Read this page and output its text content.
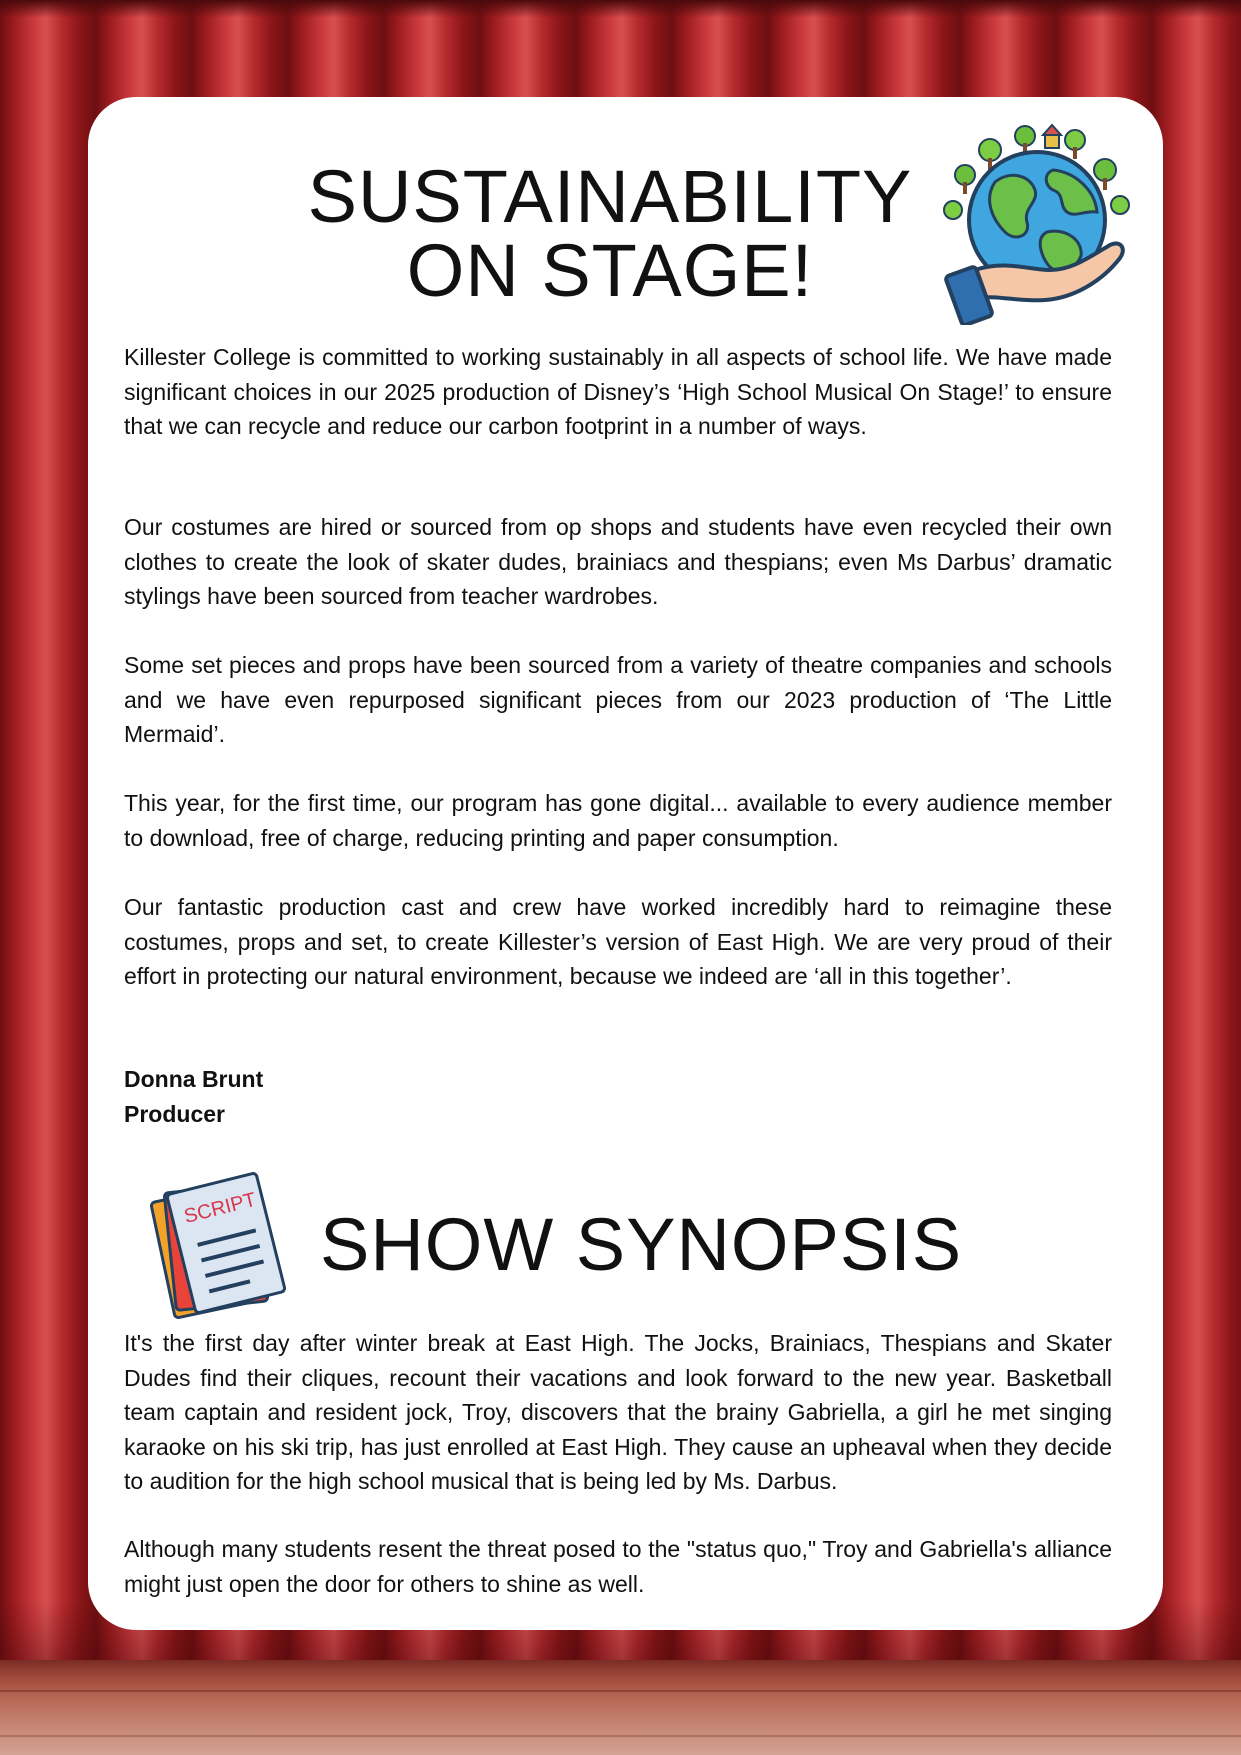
SUSTAINABILITY
ON STAGE!

Killester College is committed to working sustainably in all aspects of school life. We have made significant choices in our 2025 production of Disney’s ‘High School Musical On Stage!’ to ensure that we can recycle and reduce our carbon footprint in a number of ways.

Our costumes are hired or sourced from op shops and students have even recycled their own clothes to create the look of skater dudes, brainiacs and thespians; even Ms Darbus’ dramatic stylings have been sourced from teacher wardrobes.

Some set pieces and props have been sourced from a variety of theatre companies and schools and we have even repurposed significant pieces from our 2023 production of ‘The Little Mermaid’.

This year, for the first time, our program has gone digital... available to every audience member to download, free of charge, reducing printing and paper consumption.

Our fantastic production cast and crew have worked incredibly hard to reimagine these costumes, props and set, to create Killester’s version of East High. We are very proud of their effort in protecting our natural environment, because we indeed are ‘all in this together’.

Donna Brunt
Producer
SCRIPT SHOW SYNOPSIS

It's the first day after winter break at East High. The Jocks, Brainiacs, Thespians and Skater Dudes find their cliques, recount their vacations and look forward to the new year. Basketball team captain and resident jock, Troy, discovers that the brainy Gabriella, a girl he met singing karaoke on his ski trip, has just enrolled at East High. They cause an upheaval when they decide to audition for the high school musical that is being led by Ms. Darbus.

Although many students resent the threat posed to the "status quo," Troy and Gabriella's alliance might just open the door for others to shine as well.
